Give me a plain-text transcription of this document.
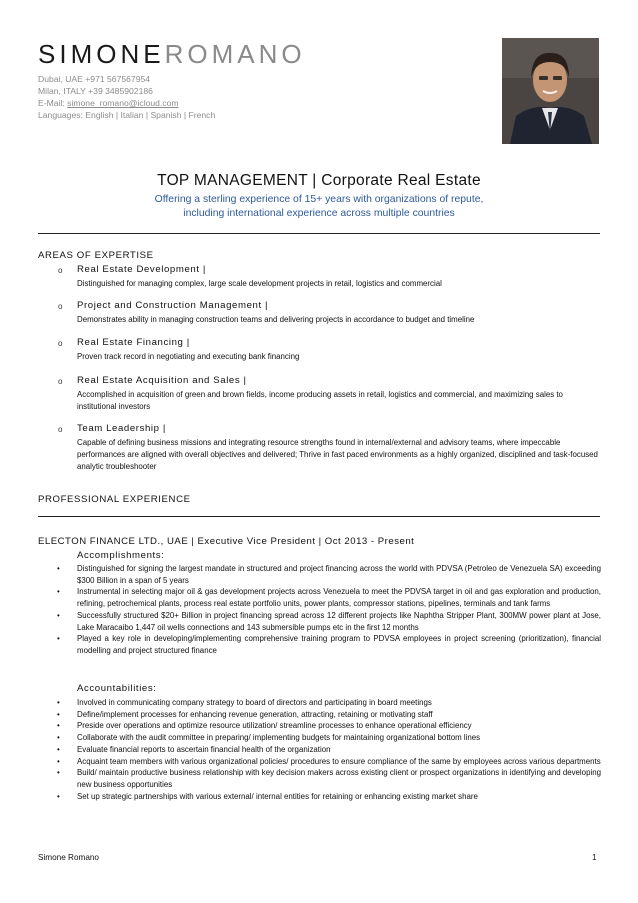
SIMONEROMANO
Dubai, UAE +971 567567954
Milan, ITALY +39 3485902186
E-Mail: simone_romano@icloud.com
Languages: English | Italian | Spanish | French
TOP MANAGEMENT | Corporate Real Estate
Offering a sterling experience of 15+ years with organizations of repute,
including international experience across multiple countries
AREAS OF EXPERTISE
o Real Estate Development |
Distinguished for managing complex, large scale development projects in retail, logistics and commercial
o Project and Construction Management |
Demonstrates ability in managing construction teams and delivering projects in accordance to budget and timeline
o Real Estate Financing |
Proven track record in negotiating and executing bank financing
o Real Estate Acquisition and Sales |
Accomplished in acquisition of green and brown fields, income producing assets in retail, logistics and commercial, and maximizing sales to institutional investors
o Team Leadership |
Capable of defining business missions and integrating resource strengths found in internal/external and advisory teams, where impeccable performances are aligned with overall objectives and delivered; Thrive in fast paced environments as a highly organized, disciplined and task-focused analytic troubleshooter
PROFESSIONAL EXPERIENCE
ELECTON FINANCE LTD., UAE | Executive Vice President | Oct 2013 - Present
Accomplishments:
• Distinguished for signing the largest mandate in structured and project financing across the world with PDVSA (Petroleo de Venezuela SA) exceeding $300 Billion in a span of 5 years
• Instrumental in selecting major oil & gas development projects across Venezuela to meet the PDVSA target in oil and gas exploration and production, refining, petrochemical plants, process real estate portfolio units, power plants, compressor stations, pipelines, terminals and tank farms
• Successfully structured $20+ Billion in project financing spread across 12 different projects like Naphtha Stripper Plant, 300MW power plant at Jose, Lake Maracaibo 1,447 oil wells connections and 143 submersible pumps etc in the first 12 months
• Played a key role in developing/implementing comprehensive training program to PDVSA employees in project screening (prioritization), financial modelling and project structured finance
Accountabilities:
• Involved in communicating company strategy to board of directors and participating in board meetings
• Define/implement processes for enhancing revenue generation, attracting, retaining or motivating staff
• Preside over operations and optimize resource utilization/ streamline processes to enhance operational efficiency
• Collaborate with the audit committee in preparing/ implementing budgets for maintaining organizational bottom lines
• Evaluate financial reports to ascertain financial health of the organization
• Acquaint team members with various organizational policies/ procedures to ensure compliance of the same by employees across various departments
• Build/ maintain productive business relationship with key decision makers across existing client or prospect organizations in identifying and developing new business opportunities
• Set up strategic partnerships with various external/ internal entities for retaining or enhancing existing market share
Simone Romano	1
